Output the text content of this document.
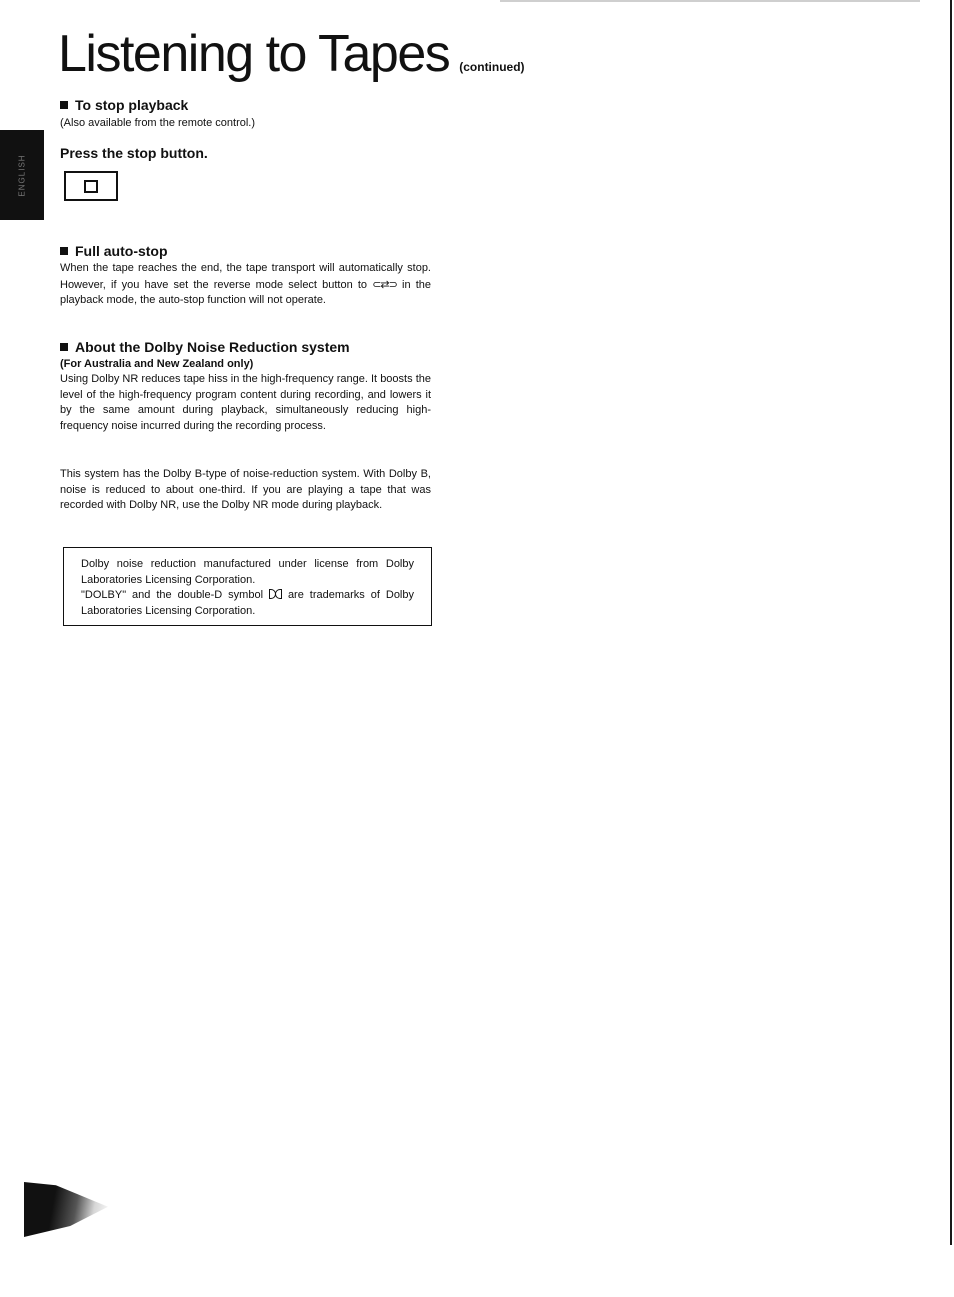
ENGLISH
Listening to Tapes (continued)
To stop playback
(Also available from the remote control.)
Press the stop button.
Full auto-stop

When the tape reaches the end, the tape transport will automatically stop. However, if you have set the reverse mode select button to ⊂⇄⊃ in the playback mode, the auto-stop function will not operate.

About the Dolby Noise Reduction system
(For Australia and New Zealand only)

Using Dolby NR reduces tape hiss in the high-frequency range. It boosts the level of the high-frequency program content during recording, and lowers it by the same amount during playback, simultaneously reducing high-frequency noise incurred during the recording process.

This system has the Dolby B-type of noise-reduction system. With Dolby B, noise is reduced to about one-third. If you are playing a tape that was recorded with Dolby NR, use the Dolby NR mode during playback.

Dolby noise reduction manufactured under license from Dolby Laboratories Licensing Corporation.
"DOLBY" and the double-D symbol are trademarks of Dolby Laboratories Licensing Corporation.
